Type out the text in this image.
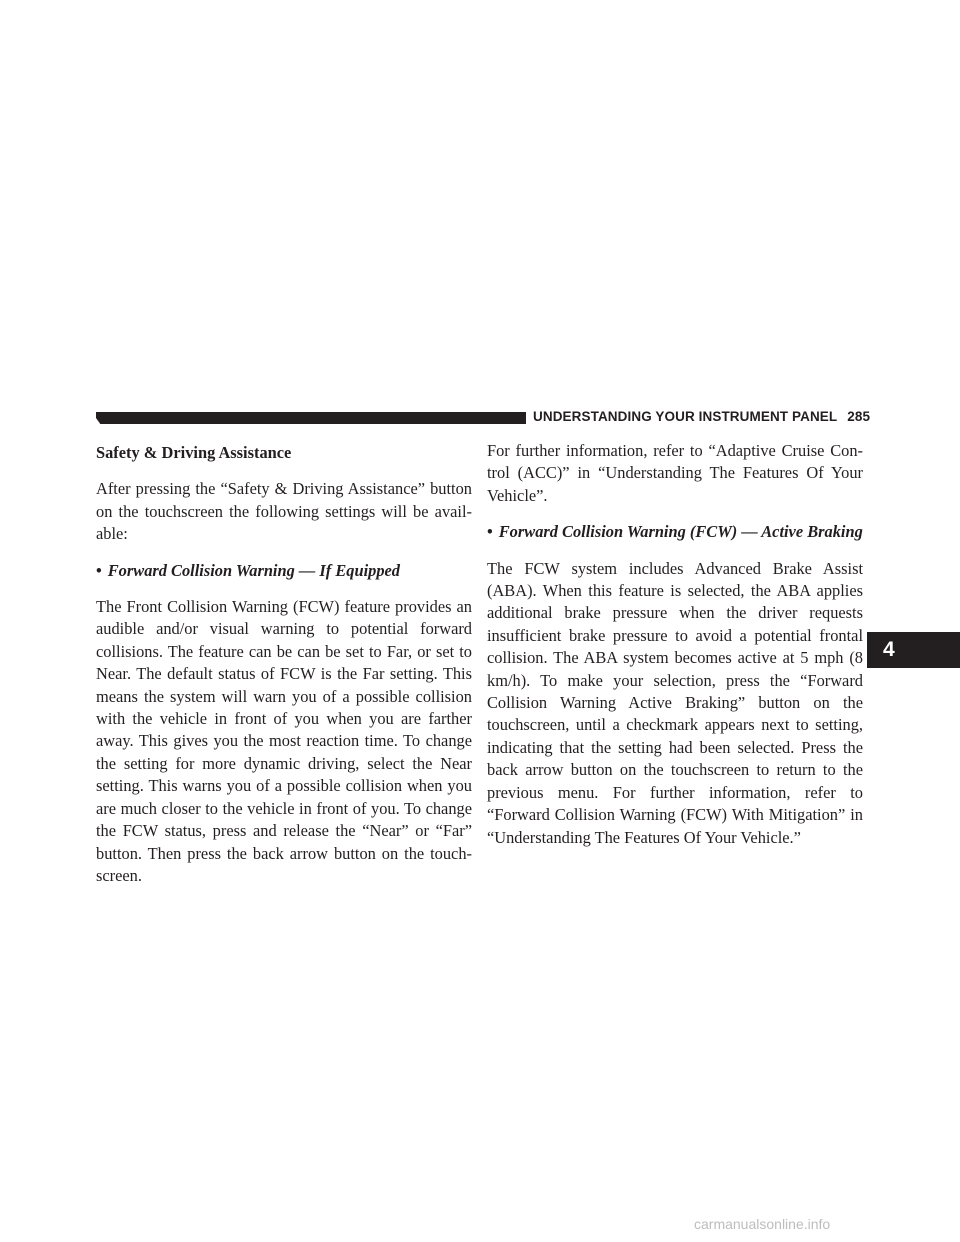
UNDERSTANDING YOUR INSTRUMENT PANEL 285
Safety & Driving Assistance

After pressing the “Safety & Driving Assistance” button on the touchscreen the following settings will be available:

• Forward Collision Warning — If Equipped

The Front Collision Warning (FCW) feature provides an audible and/or visual warning to potential forward collisions. The feature can be can be set to Far, or set to Near. The default status of FCW is the Far setting. This means the system will warn you of a possible collision with the vehicle in front of you when you are farther away. This gives you the most reaction time. To change the setting for more dynamic driving, select the Near setting. This warns you of a possible collision when you are much closer to the vehicle in front of you. To change the FCW status, press and release the “Near” or “Far” button. Then press the back arrow button on the touchscreen.

For further information, refer to “Adaptive Cruise Control (ACC)” in “Understanding The Features Of Your Vehicle”.

• Forward Collision Warning (FCW) — Active Braking

The FCW system includes Advanced Brake Assist (ABA). When this feature is selected, the ABA applies additional brake pressure when the driver requests insufficient brake pressure to avoid a potential frontal collision. The ABA system becomes active at 5 mph (8 km/h). To make your selection, press the “Forward Collision Warning Active Braking” button on the touchscreen, until a checkmark appears next to setting, indicating that the setting had been selected. Press the back arrow button on the touchscreen to return to the previous menu. For further information, refer to “Forward Collision Warning (FCW) With Mitigation” in “Understanding The Features Of Your Vehicle.”

4
carmanualsonline.info
